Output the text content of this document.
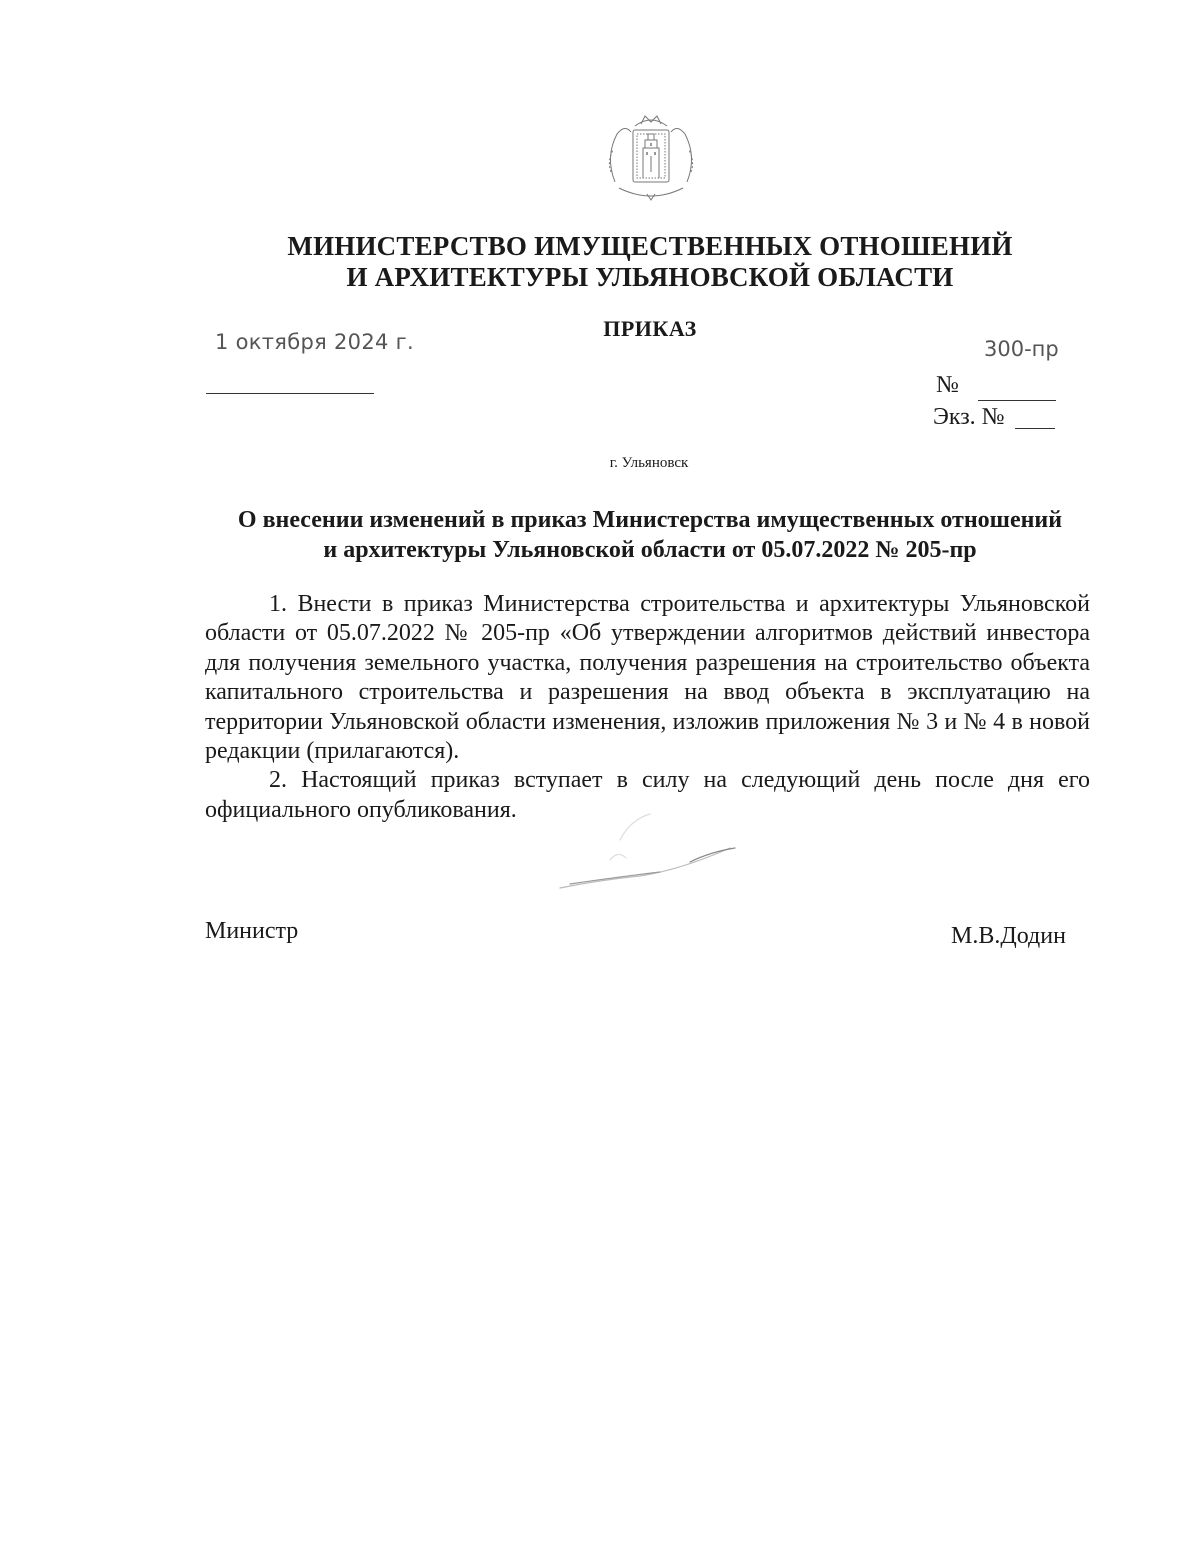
МИНИСТЕРСТВО ИМУЩЕСТВЕННЫХ ОТНОШЕНИЙ
И АРХИТЕКТУРЫ УЛЬЯНОВСКОЙ ОБЛАСТИ
ПРИКАЗ
1 октября 2024 г.	300-пр
№
Экз. №
г. Ульяновск
О внесении изменений в приказ Министерства имущественных отношений
и архитектуры Ульяновской области от 05.07.2022 № 205-пр

1. Внести в приказ Министерства строительства и архитектуры Ульяновской области от 05.07.2022 № 205-пр «Об утверждении алгоритмов действий инвестора для получения земельного участка, получения разрешения на строительство объекта капитального строительства и разрешения на ввод объекта в эксплуатацию на территории Ульяновской области изменения, изложив приложения № 3 и № 4 в новой редакции (прилагаются).

2. Настоящий приказ вступает в силу на следующий день после дня его официального опубликования.

Министр	М.В.Додин
